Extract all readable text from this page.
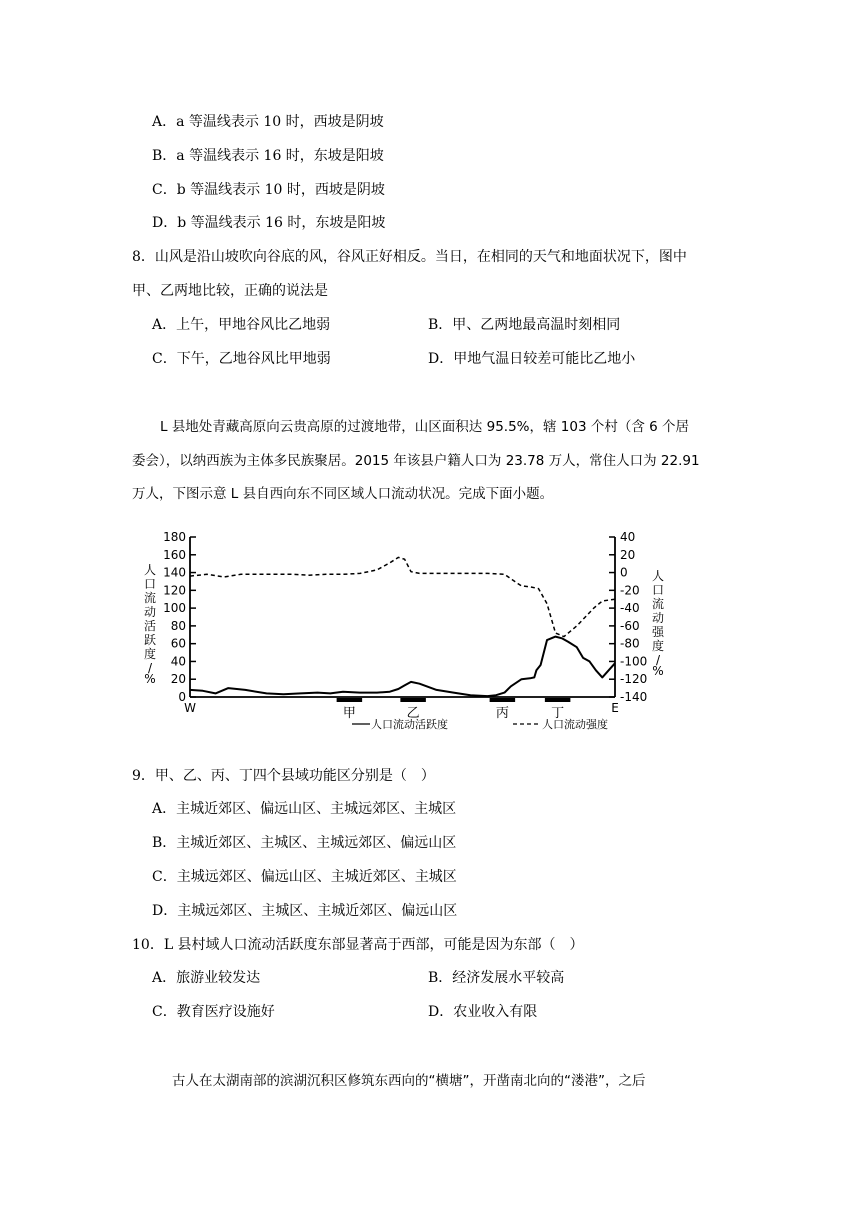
A．a 等温线表示 10 时，西坡是阴坡
B．a 等温线表示 16 时，东坡是阳坡
C．b 等温线表示 10 时，西坡是阴坡
D．b 等温线表示 16 时，东坡是阳坡
8．山风是沿山坡吹向谷底的风，谷风正好相反。当日，在相同的天气和地面状况下，图中
甲、乙两地比较，正确的说法是
A．上午，甲地谷风比乙地弱	B．甲、乙两地最高温时刻相同
C．下午，乙地谷风比甲地弱	D．甲地气温日较差可能比乙地小
L 县地处青藏高原向云贵高原的过渡地带，山区面积达 95.5%，辖 103 个村（含 6 个居
委会），以纳西族为主体多民族聚居。2015 年该县户籍人口为 23.78 万人，常住人口为 22.91
万人，下图示意 L 县自西向东不同区域人口流动状况。完成下面小题。
人
口
流
动
活
跃
度
/
%
人
口
流
动
强
度
/
%
0
20
40
60
80
100
120
140
160
180
-140
-120
-100
-80
-60
-40
-20
0
20
40
甲	乙	丙	丁
W	E
人口流动活跃度	人口流动强度
9．甲、乙、丙、丁四个县域功能区分别是（　）
A．主城近郊区、偏远山区、主城远郊区、主城区
B．主城近郊区、主城区、主城远郊区、偏远山区
C．主城远郊区、偏远山区、主城近郊区、主城区
D．主城远郊区、主城区、主城近郊区、偏远山区
10．L 县村域人口流动活跃度东部显著高于西部，可能是因为东部（　）
A．旅游业较发达	B．经济发展水平较高
C．教育医疗设施好	D．农业收入有限
古人在太湖南部的滨湖沉积区修筑东西向的“横塘”，开凿南北向的“溇港”，之后
